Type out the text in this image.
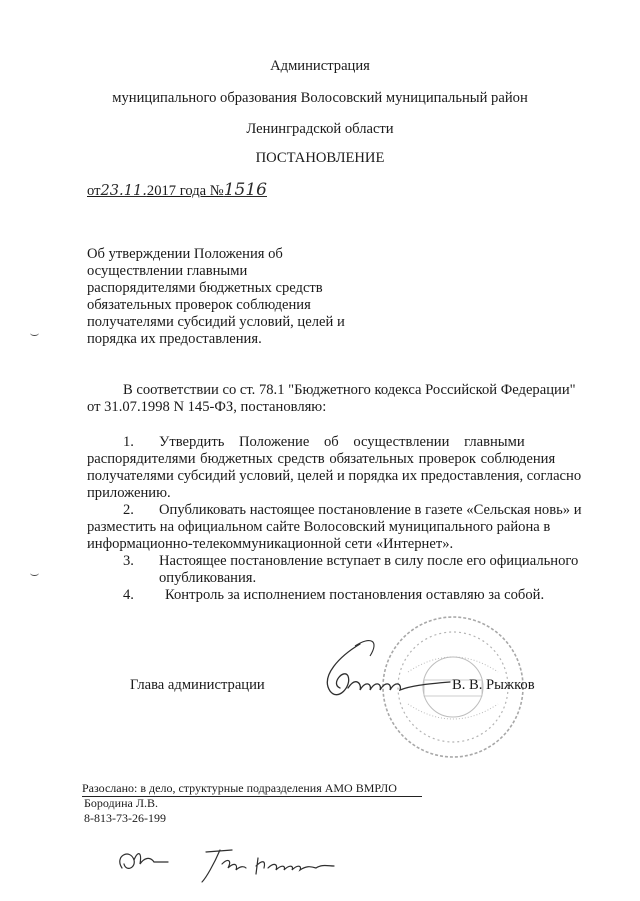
Администрация
муниципального образования Волосовский муниципальный район
Ленинградской области
ПОСТАНОВЛЕНИЕ
от23.11.2017 года №1516
Об утверждении Положения об
осуществлении главными
распорядителями бюджетных средств
обязательных проверок соблюдения
получателями субсидий условий, целей и
порядка их предоставления.
В соответствии со ст. 78.1 "Бюджетного кодекса Российской Федерации"
от 31.07.1998 N 145-ФЗ, постановляю:
1.	Утвердить Положение об осуществлении главными
распорядителями бюджетных средств обязательных проверок соблюдения
получателями субсидий условий, целей и порядка их предоставления, согласно
приложению.
2.	Опубликовать настоящее постановление в газете «Сельская новь» и
разместить на официальном сайте Волосовский муниципального района в
информационно-телекоммуникационной сети «Интернет».
3.	Настоящее постановление вступает в силу после его официального
опубликования.
4.	Контроль за исполнением постановления оставляю за собой.
Глава администрации	В. В. Рыжков
Разослано: в дело, структурные подразделения АМО ВМРЛО
Бородина Л.В.
8-813-73-26-199
